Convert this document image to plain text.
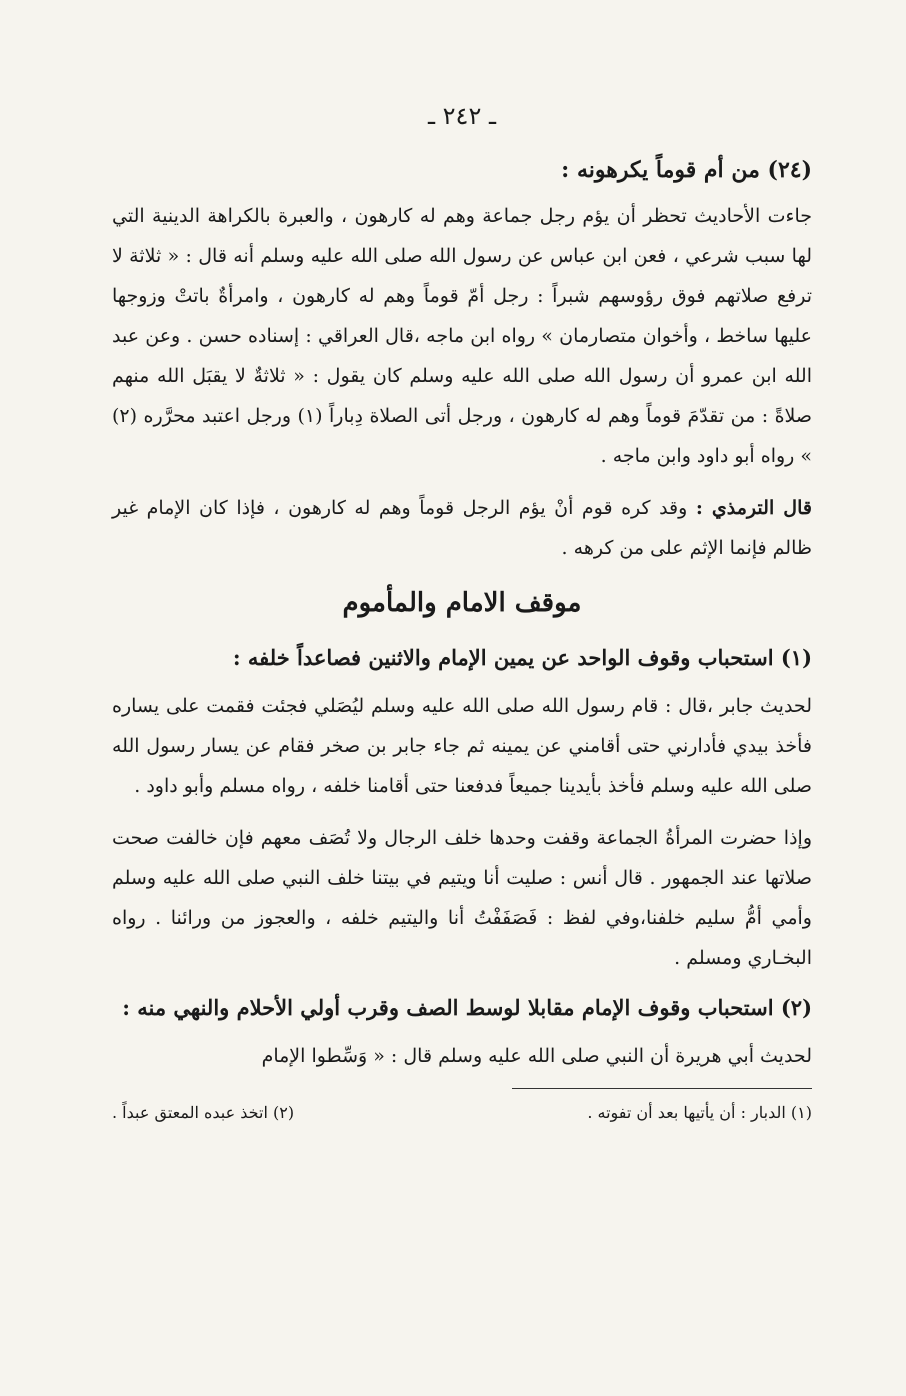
ـ ٢٤٢ ـ
(٢٤) من أم قوماً يكرهونه :

جاءت الأحاديث تحظر أن يؤم رجل جماعة وهم له كارهون ، والعبرة بالكراهة الدينية التي لها سبب شرعي ، فعن ابن عباس عن رسول الله صلى الله عليه وسلم أنه قال : « ثلاثة لا ترفع صلاتهم فوق رؤوسهم شبراً : رجل أمّ قوماً وهم له كارهون ، وامرأةٌ باتتْ وزوجها عليها ساخط ، وأخوان متصارمان » رواه ابن ماجه ،قال العراقي : إسناده حسن . وعن عبد الله ابن عمرو أن رسول الله صلى الله عليه وسلم كان يقول : « ثلاثةٌ لا يقبَل الله منهم صلاةً : من تقدّمَ قوماً وهم له كارهون ، ورجل أتى الصلاة دِباراً (١) ورجل اعتبد محرَّره (٢) » رواه أبو داود وابن ماجه .

قال الترمذي : وقد كره قوم أنْ يؤم الرجل قوماً وهم له كارهون ، فإذا كان الإمام غير ظالم فإنما الإثم على من كرهه .

موقف الامام والمأموم
(١) استحباب وقوف الواحد عن يمين الإمام والاثنين فصاعداً خلفه :

لحديث جابر ،قال : قام رسول الله صلى الله عليه وسلم ليُصَلي فجئت فقمت على يساره فأخذ بيدي فأدارني حتى أقامني عن يمينه ثم جاء جابر بن صخر فقام عن يسار رسول الله صلى الله عليه وسلم فأخذ بأيدينا جميعاً فدفعنا حتى أقامنا خلفه ، رواه مسلم وأبو داود .

وإذا حضرت المرأةُ الجماعة وقفت وحدها خلف الرجال ولا تُصَف معهم فإن خالفت صحت صلاتها عند الجمهور . قال أنس : صليت أنا ويتيم في بيتنا خلف النبي صلى الله عليه وسلم وأمي أمُّ سليم خلفنا،وفي لفظ : فَصَفَفْتُ أنا واليتيم خلفه ، والعجوز من ورائنا . رواه البخـاري ومسلم .

(٢) استحباب وقوف الإمام مقابلا لوسط الصف وقرب أولي الأحلام والنهي منه :

لحديث أبي هريرة أن النبي صلى الله عليه وسلم قال : « وَسِّطوا الإمام

(١) الدبار : أن يأتيها بعد أن تفوته .
(٢) اتخذ عبده المعتق عبداً .
